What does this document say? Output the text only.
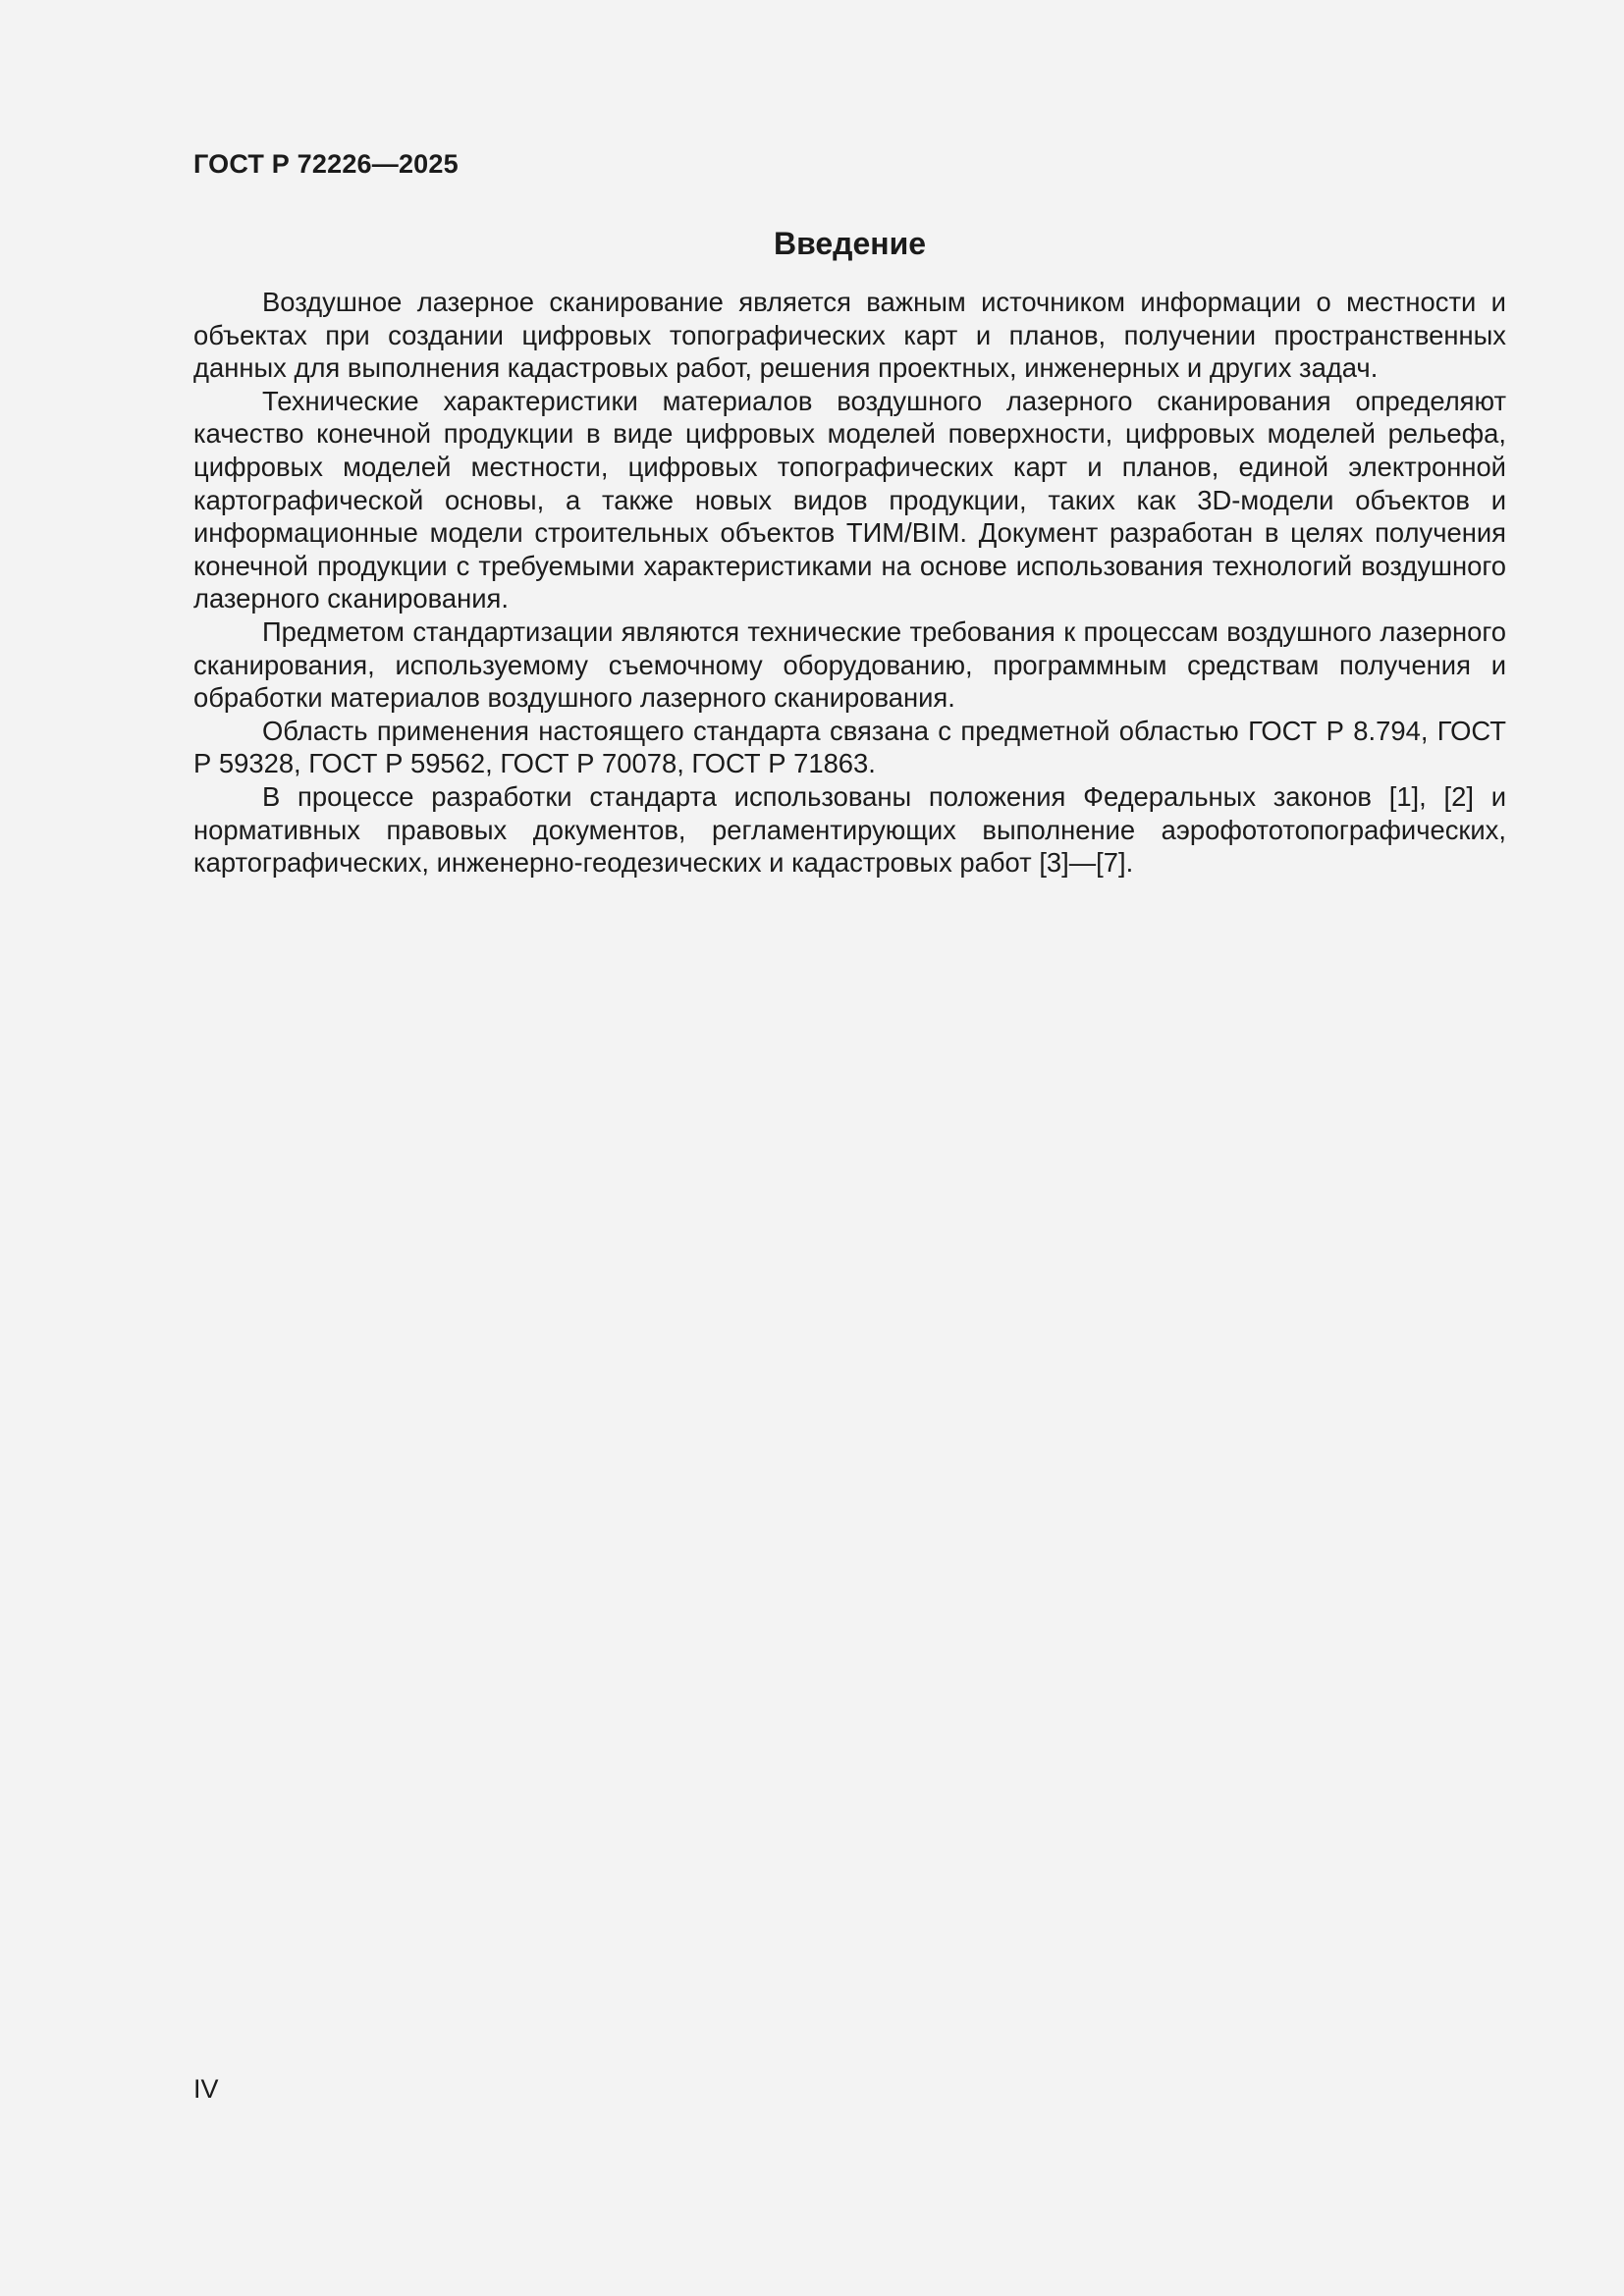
ГОСТ Р 72226—2025

Введение

Воздушное лазерное сканирование является важным источником информации о местности и объектах при создании цифровых топографических карт и планов, получении пространственных данных для выполнения кадастровых работ, решения проектных, инженерных и других задач.

Технические характеристики материалов воздушного лазерного сканирования определяют качество конечной продукции в виде цифровых моделей поверхности, цифровых моделей рельефа, цифровых моделей местности, цифровых топографических карт и планов, единой электронной картографической основы, а также новых видов продукции, таких как 3D-модели объектов и информационные модели строительных объектов ТИМ/BIM. Документ разработан в целях получения конечной продукции с требуемыми характеристиками на основе использования технологий воздушного лазерного сканирования.

Предметом стандартизации являются технические требования к процессам воздушного лазерного сканирования, используемому съемочному оборудованию, программным средствам получения и обработки материалов воздушного лазерного сканирования.

Область применения настоящего стандарта связана с предметной областью ГОСТ Р 8.794, ГОСТ Р 59328, ГОСТ Р 59562, ГОСТ Р 70078, ГОСТ Р 71863.

В процессе разработки стандарта использованы положения Федеральных законов [1], [2] и нормативных правовых документов, регламентирующих выполнение аэрофототопографических, картографических, инженерно-геодезических и кадастровых работ [3]—[7].

IV
